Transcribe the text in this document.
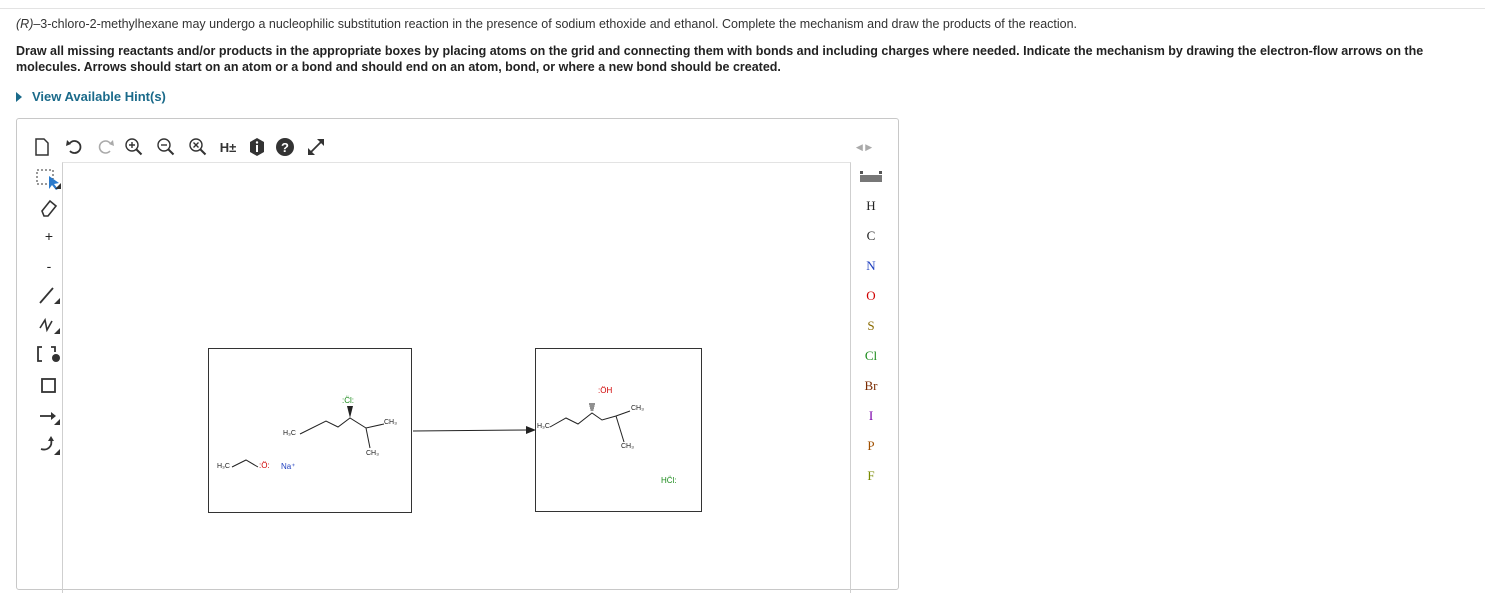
(R)–3-chloro-2-methylhexane may undergo a nucleophilic substitution reaction in the presence of sodium ethoxide and ethanol. Complete the mechanism and draw the products of the reaction.
Draw all missing reactants and/or products in the appropriate boxes by placing atoms on the grid and connecting them with bonds and including charges where needed. Indicate the mechanism by drawing the electron-flow arrows on the molecules. Arrows should start on an atom or a bond and should end on an atom, bond, or where a new bond should be created.
View Available Hint(s)
H±	?	◀ ▶
+
-
H
C
N
O
S
Cl
Br
I
P
F
:C̈l:
H₃C
CH₃
CH₃
H₃C	:Ö: Na⁺
:ÖH
H₃C
CH₃
CH₃
HC̈l:
